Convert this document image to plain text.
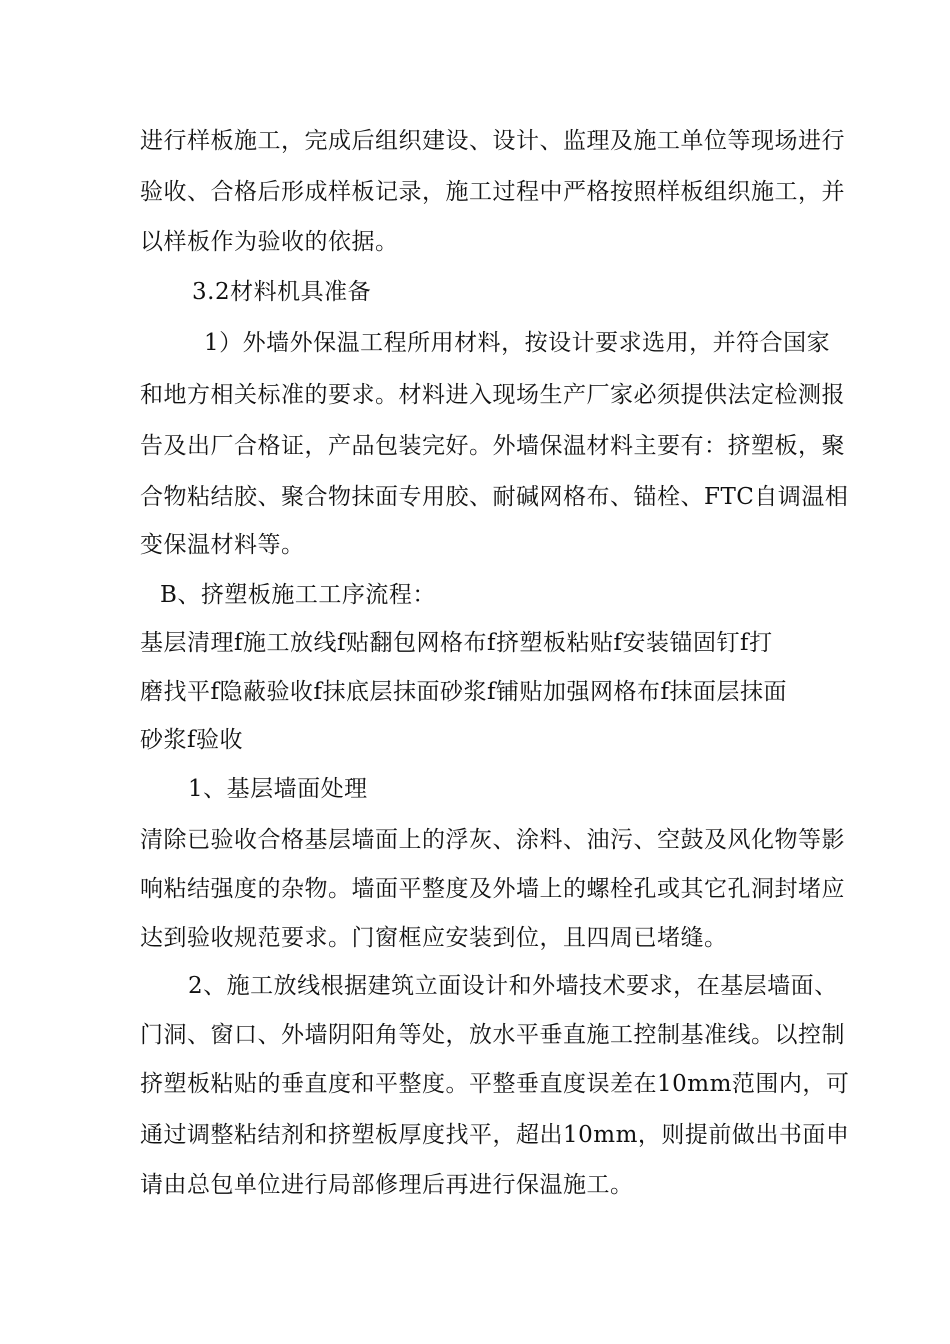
进行样板施工，完成后组织建设、设计、监理及施工单位等现场进行
验收、合格后形成样板记录，施工过程中严格按照样板组织施工，并
以样板作为验收的依据。
3.2材料机具准备
1）外墙外保温工程所用材料，按设计要求选用，并符合国家
和地方相关标准的要求。材料进入现场生产厂家必须提供法定检测报
告及出厂合格证，产品包装完好。外墙保温材料主要有：挤塑板，聚
合物粘结胶、聚合物抹面专用胶、耐碱网格布、锚栓、FTC自调温相
变保温材料等。
B、挤塑板施工工序流程：
基层清理f施工放线f贴翻包网格布f挤塑板粘贴f安装锚固钉f打
磨找平f隐蔽验收f抹底层抹面砂浆f铺贴加强网格布f抹面层抹面
砂浆f验收
1、基层墙面处理
清除已验收合格基层墙面上的浮灰、涂料、油污、空鼓及风化物等影
响粘结强度的杂物。墙面平整度及外墙上的螺栓孔或其它孔洞封堵应
达到验收规范要求。门窗框应安装到位，且四周已堵缝。
2、施工放线根据建筑立面设计和外墙技术要求，在基层墙面、
门洞、窗口、外墙阴阳角等处，放水平垂直施工控制基准线。以控制
挤塑板粘贴的垂直度和平整度。平整垂直度误差在10mm范围内，可
通过调整粘结剂和挤塑板厚度找平，超出10mm，则提前做出书面申
请由总包单位进行局部修理后再进行保温施工。
